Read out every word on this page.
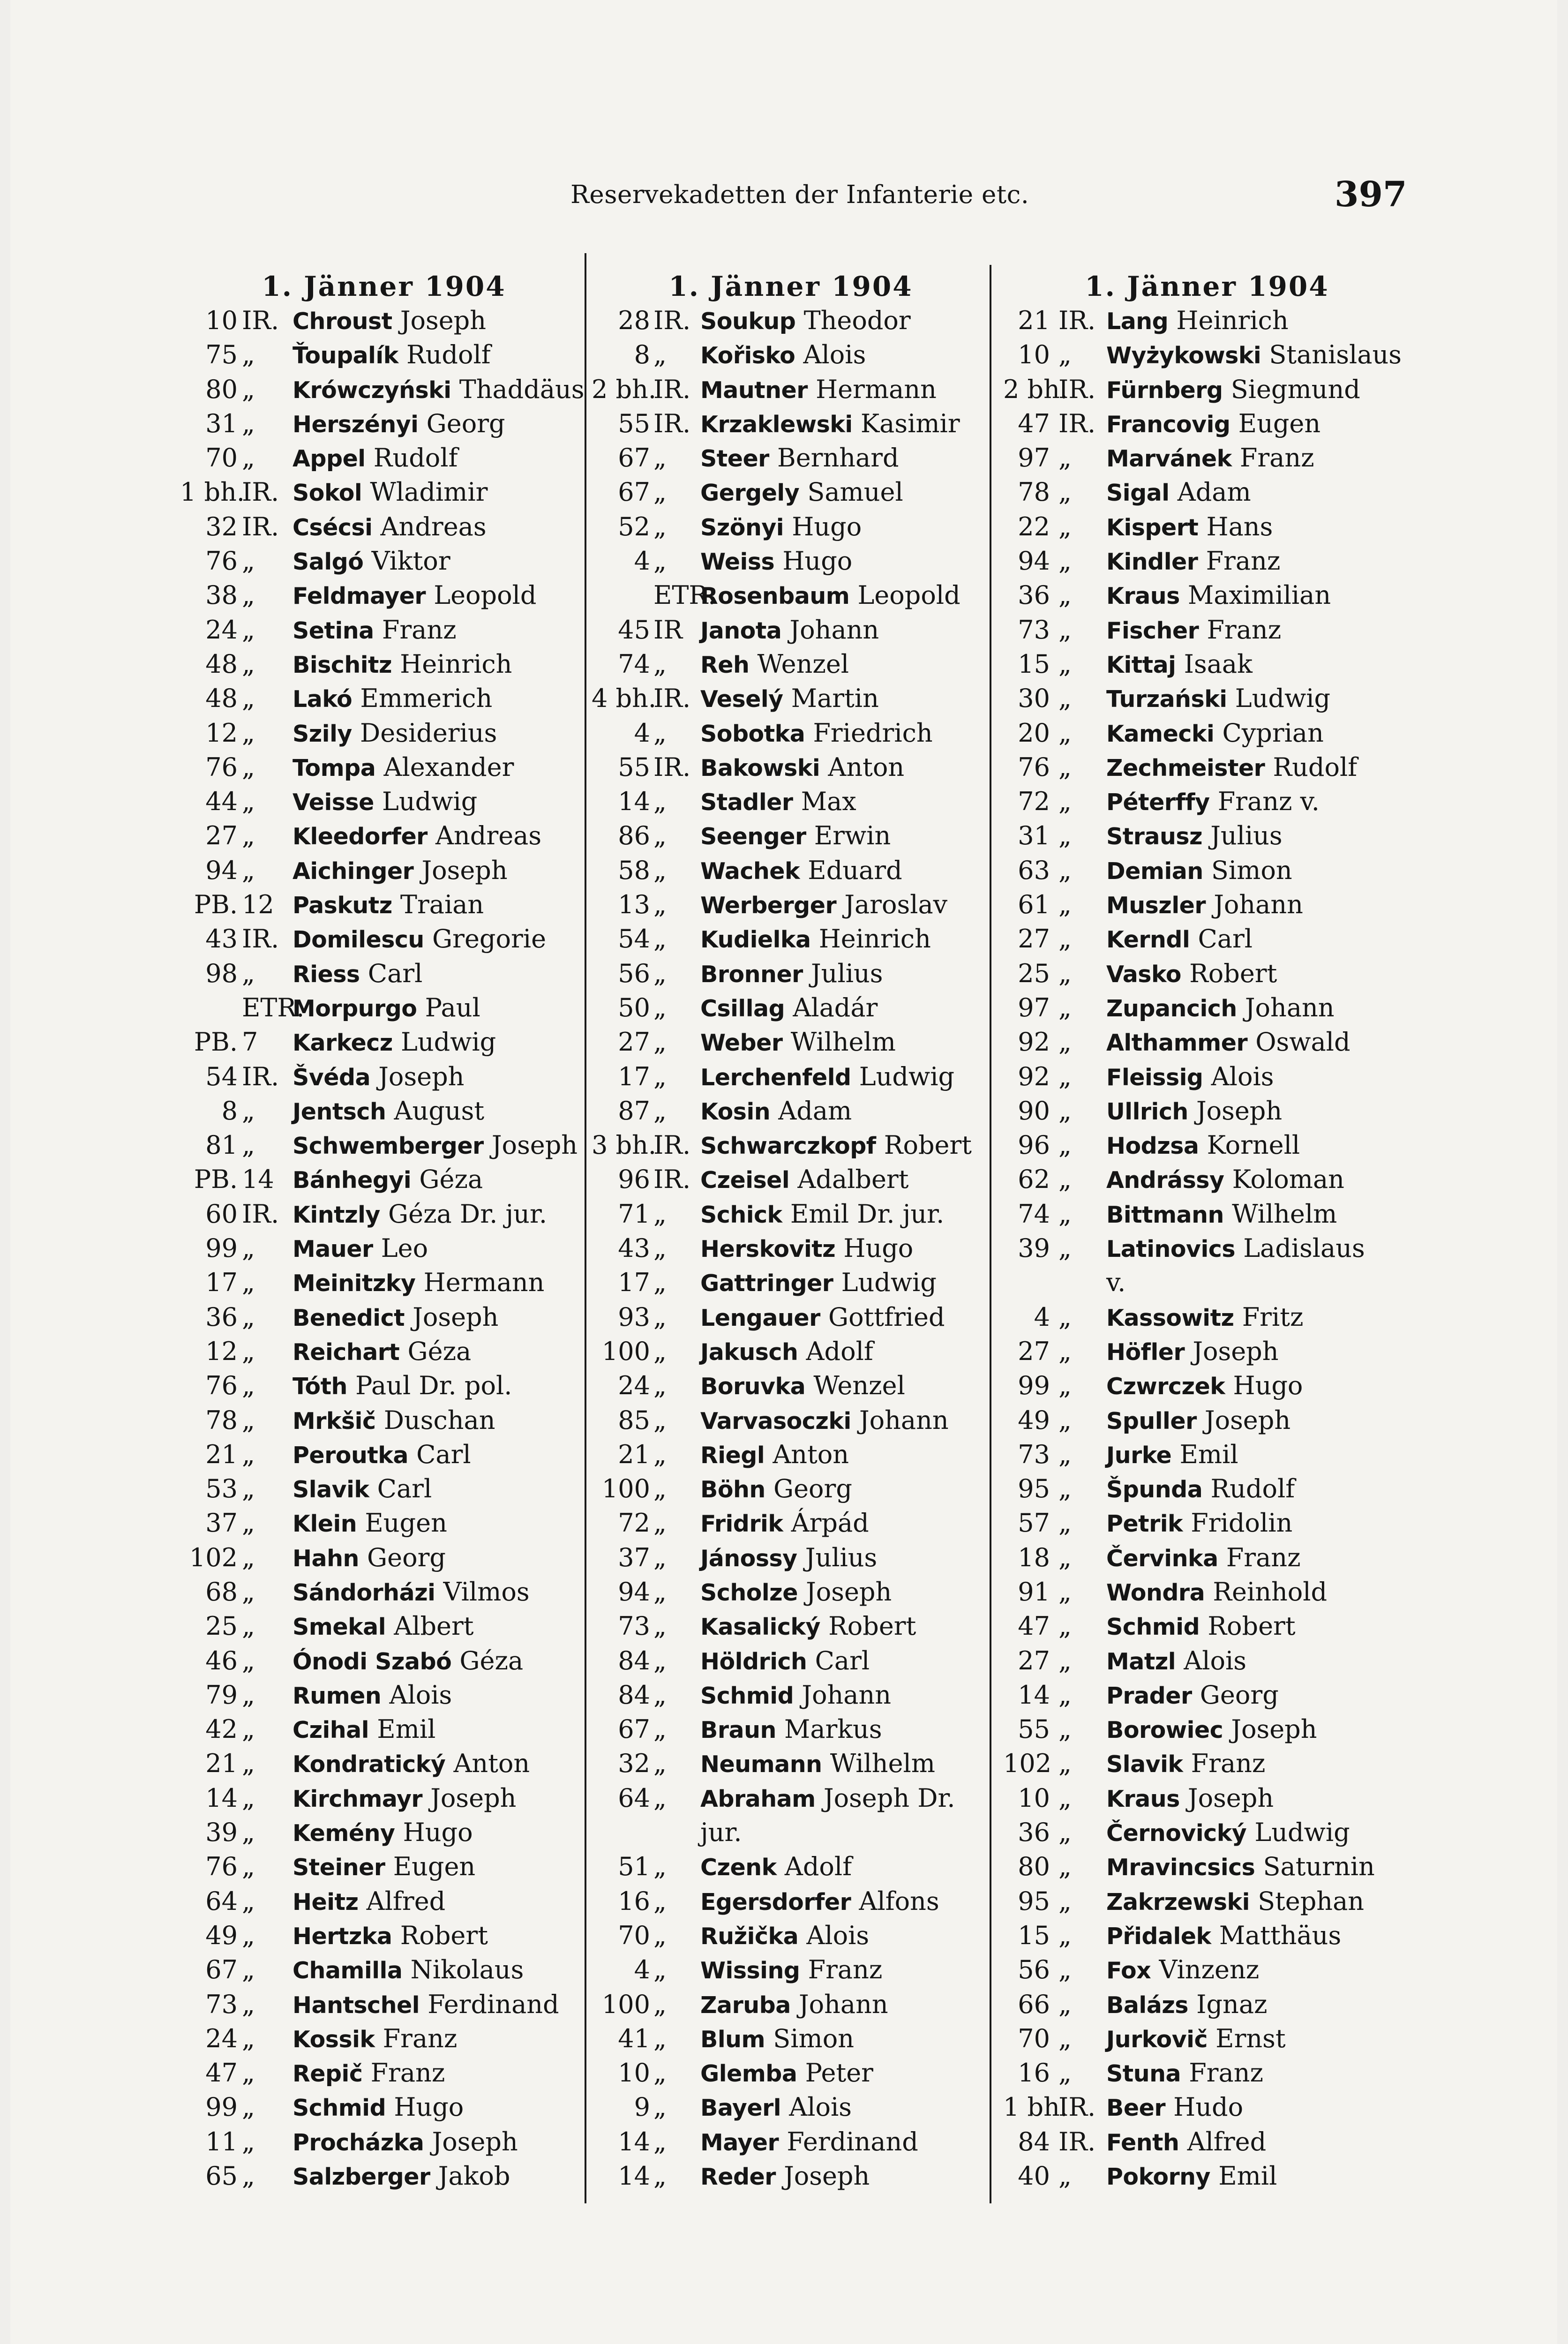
Reservekadetten der Infanterie etc.	397
1. Jänner 1904
10 IR. Chroust Joseph
75 „ Ťoupalík Rudolf
80 „ Krówczyński Thaddäus
31 „ Herszényi Georg
70 „ Appel Rudolf
1 bh.
IR. Sokol Wladimir
32 IR. Csécsi Andreas
76 „ Salgó Viktor
38 „ Feldmayer Leopold
24 „ Setina Franz
48 „ Bischitz Heinrich
48 „ Lakó Emmerich
12 „ Szily Desiderius
76 „ Tompa Alexander
44 „ Veisse Ludwig
27 „ Kleedorfer Andreas
94 „ Aichinger Joseph
PB. 12 Paskutz Traian
43 IR. Domilescu Gregorie
98 „ Riess Carl
ETR.
Morpurgo Paul
PB. 7 Karkecz Ludwig
54 IR. Švéda Joseph
8 „ Jentsch August
81 „ Schwemberger Joseph
PB. 14 Bánhegyi Géza
60 IR. Kintzly Géza Dr. jur.
99 „ Mauer Leo
17 „ Meinitzky Hermann
36 „ Benedict Joseph
12 „ Reichart Géza
76 „ Tóth Paul Dr. pol.
78 „ Mrkšič Duschan
21 „ Peroutka Carl
53 „ Slavik Carl
37 „ Klein Eugen
102 „ Hahn Georg
68 „ Sándorházi Vilmos
25 „ Smekal Albert
46 „ Ónodi Szabó Géza
79 „ Rumen Alois
42 „ Czihal Emil
21 „ Kondratický Anton
14 „ Kirchmayr Joseph
39 „ Kemény Hugo
76 „ Steiner Eugen
64 „ Heitz Alfred
49 „ Hertzka Robert
67 „ Chamilla Nikolaus
73 „ Hantschel Ferdinand
24 „ Kossik Franz
47 „ Repič Franz
99 „ Schmid Hugo
11 „ Procházka Joseph
65 „ Salzberger Jakob
1. Jänner 1904
28 IR. Soukup Theodor
8 „ Kořisko Alois
2 bh.
IR. Mautner Hermann
55 IR. Krzaklewski Kasimir
67 „ Steer Bernhard
67 „ Gergely Samuel
52 „ Szönyi Hugo
4 „ Weiss Hugo
ETR.
Rosenbaum Leopold
45 IR Janota Johann
74 „ Reh Wenzel
4 bh.
IR. Veselý Martin
4 „ Sobotka Friedrich
55 IR. Bakowski Anton
14 „ Stadler Max
86 „ Seenger Erwin
58 „ Wachek Eduard
13 „ Werberger Jaroslav
54 „ Kudielka Heinrich
56 „ Bronner Julius
50 „ Csillag Aladár
27 „ Weber Wilhelm
17 „ Lerchenfeld Ludwig
87 „ Kosin Adam
3 bh.
IR. Schwarczkopf Robert
96 IR. Czeisel Adalbert
71 „ Schick Emil Dr. jur.
43 „ Herskovitz Hugo
17 „ Gattringer Ludwig
93 „ Lengauer Gottfried
100 „ Jakusch Adolf
24 „ Boruvka Wenzel
85 „ Varvasoczki Johann
21 „ Riegl Anton
100 „ Böhn Georg
72 „ Fridrik Árpád
37 „ Jánossy Julius
94 „ Scholze Joseph
73 „ Kasalický Robert
84 „ Höldrich Carl
84 „ Schmid Johann
67 „ Braun Markus
32 „ Neumann Wilhelm
64 „ Abraham Joseph Dr.
jur.
51 „ Czenk Adolf
16 „ Egersdorfer Alfons
70 „ Ružička Alois
4 „ Wissing Franz
100 „ Zaruba Johann
41 „ Blum Simon
10 „ Glemba Peter
9 „ Bayerl Alois
14 „ Mayer Ferdinand
14 „ Reder Joseph
1. Jänner 1904
21 IR. Lang Heinrich
10 „ Wyżykowski Stanislaus
2 bh.
IR. Fürnberg Siegmund
47 IR. Francovig Eugen
97 „ Marvánek Franz
78 „ Sigal Adam
22 „ Kispert Hans
94 „ Kindler Franz
36 „ Kraus Maximilian
73 „ Fischer Franz
15 „ Kittaj Isaak
30 „ Turzański Ludwig
20 „ Kamecki Cyprian
76 „ Zechmeister Rudolf
72 „ Péterffy Franz v.
31 „ Strausz Julius
63 „ Demian Simon
61 „ Muszler Johann
27 „ Kerndl Carl
25 „ Vasko Robert
97 „ Zupancich Johann
92 „ Althammer Oswald
92 „ Fleissig Alois
90 „ Ullrich Joseph
96 „ Hodzsa Kornell
62 „ Andrássy Koloman
74 „ Bittmann Wilhelm
39 „ Latinovics Ladislaus
v.
4 „ Kassowitz Fritz
27 „ Höfler Joseph
99 „ Czwrczek Hugo
49 „ Spuller Joseph
73 „ Jurke Emil
95 „ Špunda Rudolf
57 „ Petrik Fridolin
18 „ Červinka Franz
91 „ Wondra Reinhold
47 „ Schmid Robert
27 „ Matzl Alois
14 „ Prader Georg
55 „ Borowiec Joseph
102 „ Slavik Franz
10 „ Kraus Joseph
36 „ Černovický Ludwig
80 „ Mravincsics Saturnin
95 „ Zakrzewski Stephan
15 „ Přidalek Matthäus
56 „ Fox Vinzenz
66 „ Balázs Ignaz
70 „ Jurkovič Ernst
16 „ Stuna Franz
1 bh.
IR. Beer Hudo
84 IR. Fenth Alfred
40 „ Pokorny Emil
